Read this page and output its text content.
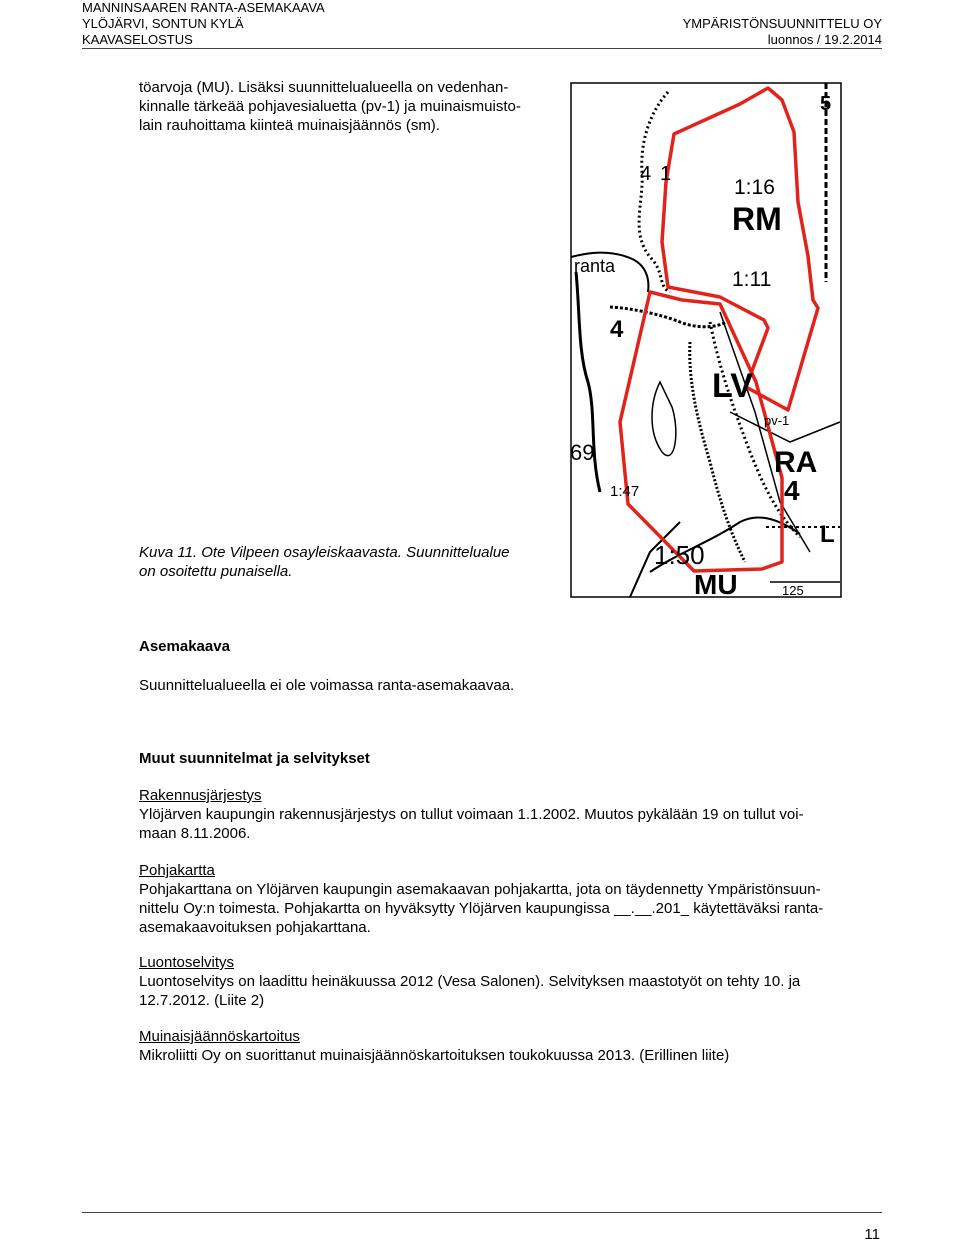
MANNINSAAREN RANTA-ASEMAKAAVA
YLÖJÄRVI, SONTUN KYLÄ
KAAVASELOSTUS
YMPÄRISTÖNSUUNNITTELU OY
luonnos / 19.2.2014
töarvoja (MU). Lisäksi suunnittelualueella on vedenhan-
kinnalle tärkeää pohjavesialuetta (pv-1) ja muinaismuisto-
lain rauhoittama kiinteä muinaisjäännös (sm).
RM
1:16
1:11
ranta
4
LV
pv-1
RA
4
69
1:47
1:50
MU	125
L
5
1
4
Kuva 11. Ote Vilpeen osayleiskaavasta. Suunnittelualue
on osoitettu punaisella.
Asemakaava
Suunnittelualueella ei ole voimassa ranta-asemakaavaa.
Muut suunnitelmat ja selvitykset
Rakennusjärjestys
Ylöjärven kaupungin rakennusjärjestys on tullut voimaan 1.1.2002. Muutos pykälään 19 on tullut voi-
maan 8.11.2006.
Pohjakartta
Pohjakarttana on Ylöjärven kaupungin asemakaavan pohjakartta, jota on täydennetty Ympäristönsuun-
nittelu Oy:n toimesta. Pohjakartta on hyväksytty Ylöjärven kaupungissa __.__.201_ käytettäväksi ranta-
asemakaavoituksen pohjakarttana.
Luontoselvitys
Luontoselvitys on laadittu heinäkuussa 2012 (Vesa Salonen). Selvityksen maastotyöt on tehty 10. ja
12.7.2012. (Liite 2)
Muinaisjäännöskartoitus
Mikroliitti Oy on suorittanut muinaisjäännöskartoituksen toukokuussa 2013. (Erillinen liite)
11
